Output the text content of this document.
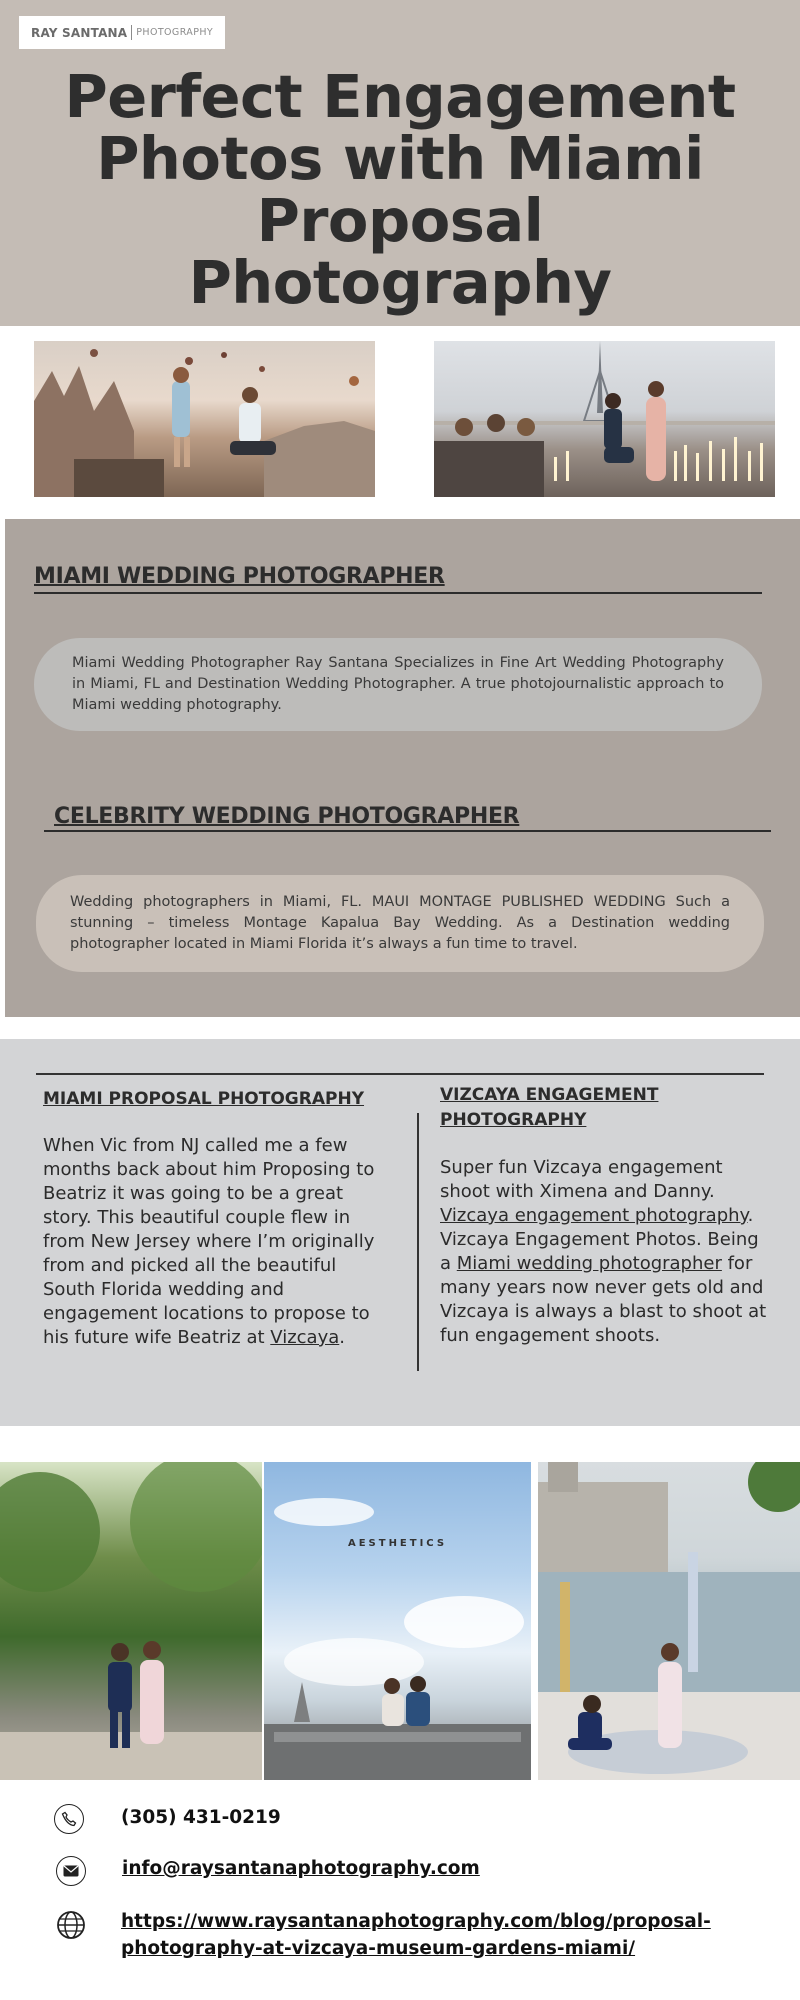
RAY SANTANA PHOTOGRAPHY
Perfect Engagement
Photos with Miami
Proposal Photography
MIAMI WEDDING PHOTOGRAPHER

Miami Wedding Photographer Ray Santana Specializes in Fine Art Wedding Photography in Miami, FL and Destination Wedding Photographer. A true photojournalistic approach to Miami wedding photography.

CELEBRITY WEDDING PHOTOGRAPHER

Wedding photographers in Miami, FL. MAUI MONTAGE PUBLISHED WEDDING Such a stunning – timeless Montage Kapalua Bay Wedding. As a Destination wedding photographer located in Miami Florida it’s always a fun time to travel.

MIAMI PROPOSAL PHOTOGRAPHY

When Vic from NJ called me a few months back about him Proposing to Beatriz it was going to be a great story. This beautiful couple flew in from New Jersey where I’m originally from and picked all the beautiful South Florida wedding and engagement locations to propose to his future wife Beatriz at Vizcaya.

VIZCAYA ENGAGEMENT
PHOTOGRAPHY

Super fun Vizcaya engagement shoot with Ximena and Danny. Vizcaya engagement photography. Vizcaya Engagement Photos. Being a Miami wedding photographer for many years now never gets old and Vizcaya is always a blast to shoot at fun engagement shoots.

AESTHETICS
(305) 431-0219
info@raysantanaphotography.com
https://www.raysantanaphotography.com/blog/proposal-photography-at-vizcaya-museum-gardens-miami/
